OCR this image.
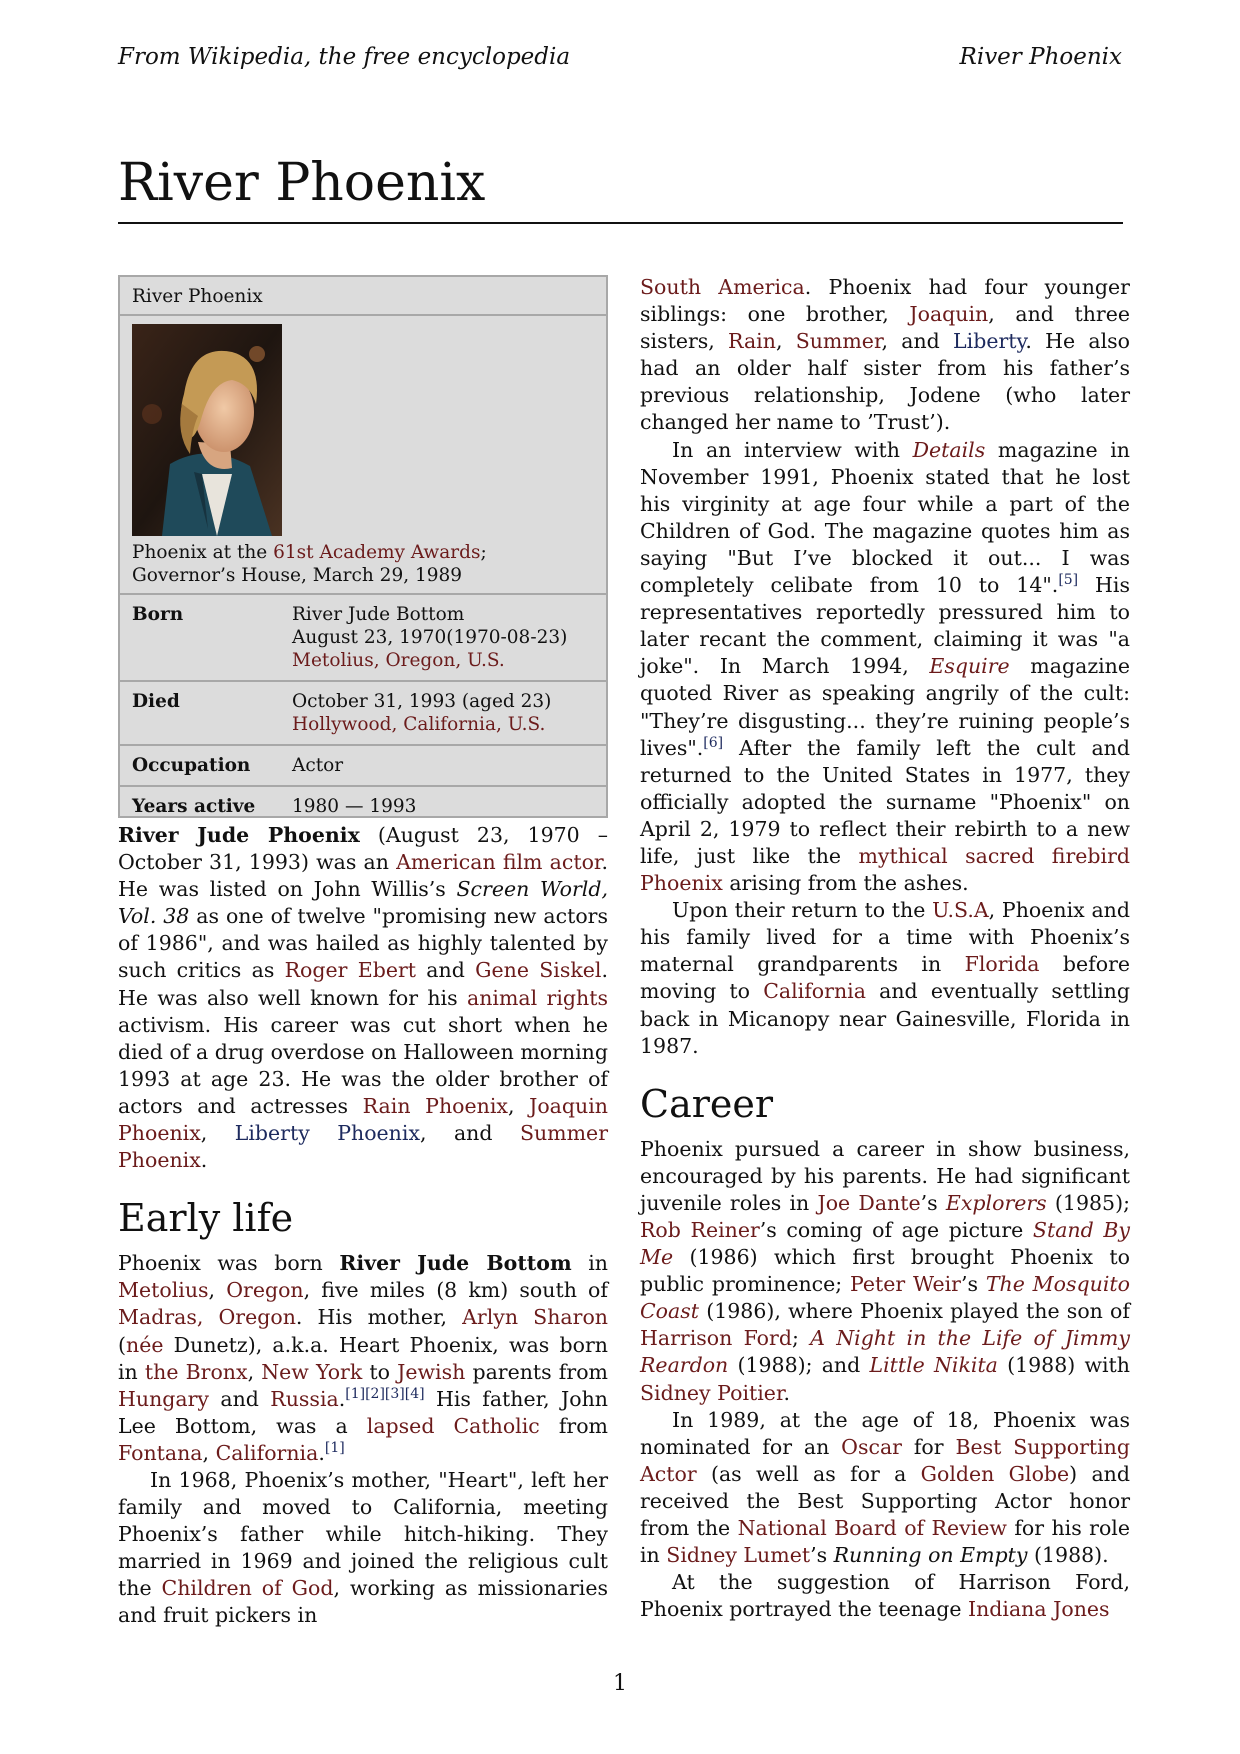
From Wikipedia, the free encyclopedia	River Phoenix
River Phoenix
River Phoenix
Phoenix at the 61st Academy Awards;
Governor’s House, March 29, 1989
Born	River Jude Bottom
August 23, 1970(1970-08-23)
Metolius, Oregon, U.S.
Died	October 31, 1993 (aged 23)
Hollywood, California, U.S.
Occupation	Actor
Years active	1980 — 1993

River Jude Phoenix (August 23, 1970 – October 31, 1993) was an American film actor. He was listed on John Willis’s Screen World, Vol. 38 as one of twelve "promising new actors of 1986", and was hailed as highly talented by such critics as Roger Ebert and Gene Siskel. He was also well known for his animal rights activism. His career was cut short when he died of a drug overdose on Halloween morning 1993 at age 23. He was the older brother of actors and actresses Rain Phoenix, Joaquin Phoenix, Liberty Phoenix, and Summer Phoenix.

Early life

Phoenix was born River Jude Bottom in Metolius, Oregon, five miles (8 km) south of Madras, Oregon. His mother, Arlyn Sharon (née Dunetz), a.k.a. Heart Phoenix, was born in the Bronx, New York to Jewish parents from Hungary and Russia.[1][2][3][4] His father, John Lee Bottom, was a lapsed Catholic from Fontana, California.[1]

In 1968, Phoenix’s mother, "Heart", left her family and moved to California, meeting Phoenix’s father while hitch-hiking. They married in 1969 and joined the religious cult the Children of God, working as missionaries and fruit pickers in

South America. Phoenix had four younger siblings: one brother, Joaquin, and three sisters, Rain, Summer, and Liberty. He also had an older half sister from his father’s previous relationship, Jodene (who later changed her name to ’Trust’).

In an interview with Details magazine in November 1991, Phoenix stated that he lost his virginity at age four while a part of the Children of God. The magazine quotes him as saying "But I’ve blocked it out... I was completely celibate from 10 to 14".[5] His representatives reportedly pressured him to later recant the comment, claiming it was "a joke". In March 1994, Esquire magazine quoted River as speaking angrily of the cult: "They’re disgusting... they’re ruining people’s lives".[6] After the family left the cult and returned to the United States in 1977, they officially adopted the surname "Phoenix" on April 2, 1979 to reflect their rebirth to a new life, just like the mythical sacred firebird Phoenix arising from the ashes.

Upon their return to the U.S.A, Phoenix and his family lived for a time with Phoenix’s maternal grandparents in Florida before moving to California and eventually settling back in Micanopy near Gainesville, Florida in 1987.

Career

Phoenix pursued a career in show business, encouraged by his parents. He had significant juvenile roles in Joe Dante’s Explorers (1985); Rob Reiner’s coming of age picture Stand By Me (1986) which first brought Phoenix to public prominence; Peter Weir’s The Mosquito Coast (1986), where Phoenix played the son of Harrison Ford; A Night in the Life of Jimmy Reardon (1988); and Little Nikita (1988) with Sidney Poitier.

In 1989, at the age of 18, Phoenix was nominated for an Oscar for Best Supporting Actor (as well as for a Golden Globe) and received the Best Supporting Actor honor from the National Board of Review for his role in Sidney Lumet’s Running on Empty (1988).

At the suggestion of Harrison Ford, Phoenix portrayed the teenage Indiana Jones

1
